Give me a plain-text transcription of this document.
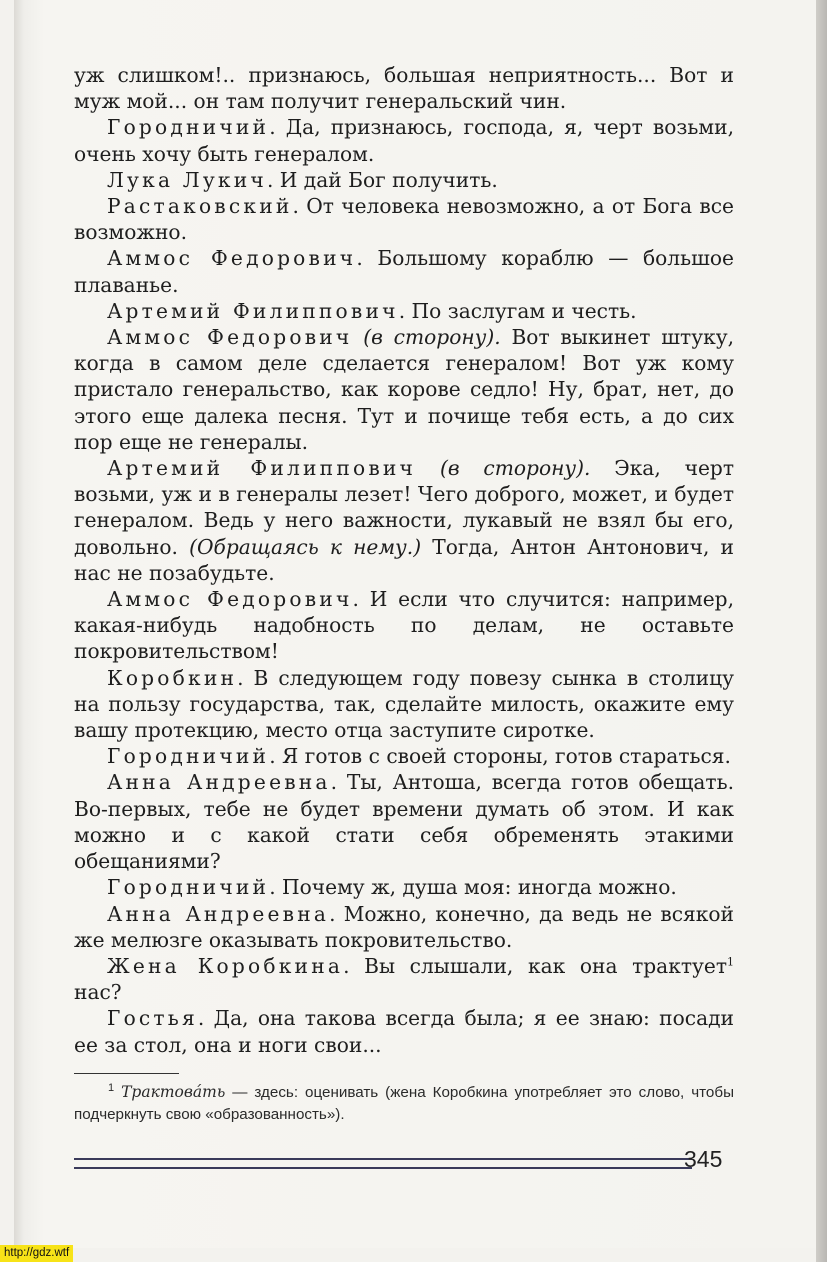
уж слишком!.. признаюсь, большая неприятность... Вот и муж мой... он там получит генеральский чин.

Городничий. Да, признаюсь, господа, я, черт возьми, очень хочу быть генералом.

Лука Лукич. И дай Бог получить.

Растаковский. От человека невозможно, а от Бога все возможно.

Аммос Федорович. Большому кораблю — большое плаванье.

Артемий Филиппович. По заслугам и честь.

Аммос Федорович (в сторону). Вот выкинет штуку, когда в самом деле сделается генералом! Вот уж кому пристало генеральство, как корове седло! Ну, брат, нет, до этого еще далека песня. Тут и почище тебя есть, а до сих пор еще не генералы.

Артемий Филиппович (в сторону). Эка, черт возьми, уж и в генералы лезет! Чего доброго, может, и будет генералом. Ведь у него важности, лукавый не взял бы его, довольно. (Обращаясь к нему.) Тогда, Антон Антонович, и нас не позабудьте.

Аммос Федорович. И если что случится: например, какая-нибудь надобность по делам, не оставьте покровительством!

Коробкин. В следующем году повезу сынка в столицу на пользу государства, так, сделайте милость, окажите ему вашу протекцию, место отца заступите сиротке.

Городничий. Я готов с своей стороны, готов стараться.

Анна Андреевна. Ты, Антоша, всегда готов обещать. Во-первых, тебе не будет времени думать об этом. И как можно и с какой стати себя обременять этакими обещаниями?

Городничий. Почему ж, душа моя: иногда можно.

Анна Андреевна. Можно, конечно, да ведь не всякой же мелюзге оказывать покровительство.

Жена Коробкина. Вы слышали, как она трактует$^1$ нас?

Гостья. Да, она такова всегда была; я ее знаю: посади ее за стол, она и ноги свои...

$^1$ Трактовáть — здесь: оценивать (жена Коробкина употребляет это слово, чтобы подчеркнуть свою «образованность»).
345
http://gdz.wtf
